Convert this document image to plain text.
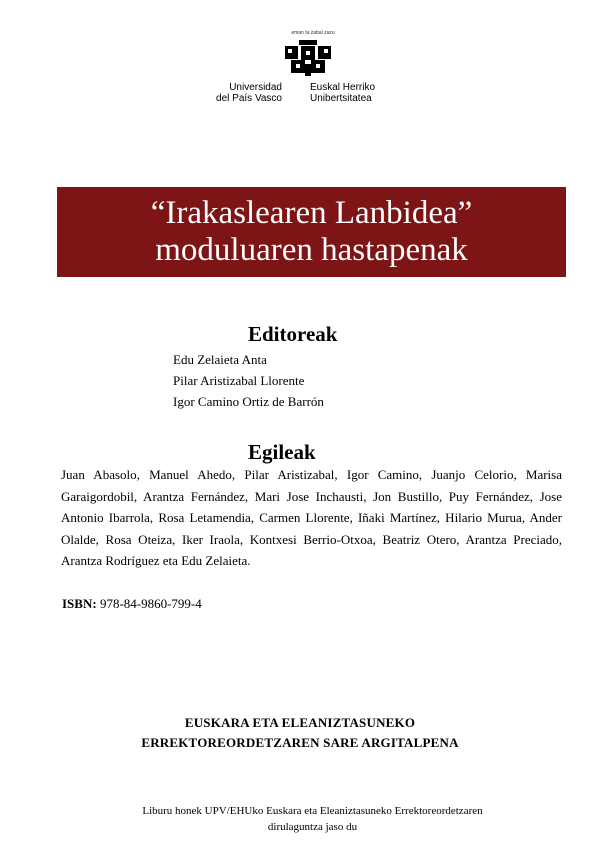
eman ta zabal zazu
Universidad
del País Vasco
Euskal Herriko
Unibertsitatea
“Irakaslearen Lanbidea”
moduluaren hastapenak
Editoreak
Edu Zelaieta Anta
Pilar Aristizabal Llorente
Igor Camino Ortiz de Barrón
Egileak
Juan Abasolo, Manuel Ahedo, Pilar Aristizabal, Igor Camino, Juanjo Celorio, Marisa Garaigordobil, Arantza Fernández, Mari Jose Inchausti, Jon Bustillo, Puy Fernández, Jose Antonio Ibarrola, Rosa Letamendia, Carmen Llorente, Iñaki Martínez, Hilario Murua, Ander Olalde, Rosa Oteiza, Iker Iraola, Kontxesi Berrio-Otxoa, Beatriz Otero, Arantza Preciado, Arantza Rodríguez eta Edu Zelaieta.
ISBN: 978-84-9860-799-4
EUSKARA ETA ELEANIZTASUNEKO
ERREKTOREORDETZAREN SARE ARGITALPENA
Liburu honek UPV/EHUko Euskara eta Eleaniztasuneko Errektoreordetzaren
dirulaguntza jaso du
